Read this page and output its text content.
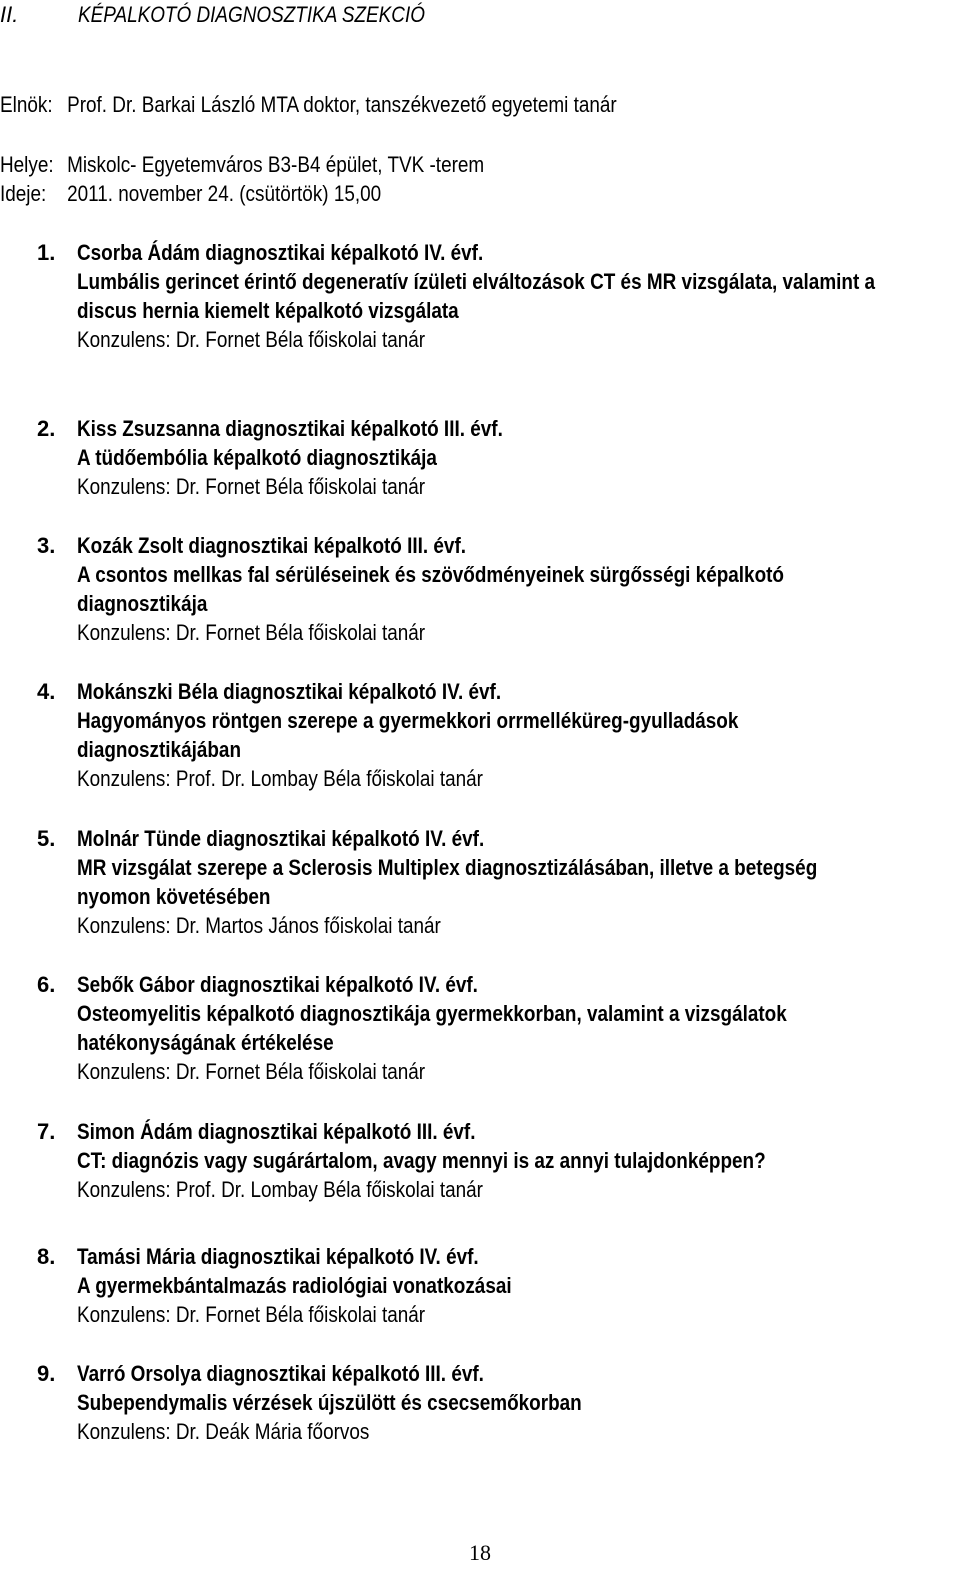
II.	KÉPALKOTÓ DIAGNOSZTIKA SZEKCIÓ
Elnök: Prof. Dr. Barkai László MTA doktor, tanszékvezető egyetemi tanár
Helye: Miskolc- Egyetemváros B3-B4 épület, TVK -terem
Ideje: 2011. november 24. (csütörtök) 15,00
1. Csorba Ádám diagnosztikai képalkotó IV. évf.
Lumbális gerincet érintő degeneratív ízületi elváltozások CT és MR vizsgálata, valamint a
discus hernia kiemelt képalkotó vizsgálata
Konzulens: Dr. Fornet Béla főiskolai tanár
2. Kiss Zsuzsanna diagnosztikai képalkotó III. évf.
A tüdőembólia képalkotó diagnosztikája
Konzulens: Dr. Fornet Béla főiskolai tanár
3. Kozák Zsolt diagnosztikai képalkotó III. évf.
A csontos mellkas fal sérüléseinek és szövődményeinek sürgősségi képalkotó
diagnosztikája
Konzulens: Dr. Fornet Béla főiskolai tanár
4. Mokánszki Béla diagnosztikai képalkotó IV. évf.
Hagyományos röntgen szerepe a gyermekkori orrmelléküreg-gyulladások
diagnosztikájában
Konzulens: Prof. Dr. Lombay Béla főiskolai tanár
5. Molnár Tünde diagnosztikai képalkotó IV. évf.
MR vizsgálat szerepe a Sclerosis Multiplex diagnosztizálásában, illetve a betegség
nyomon követésében
Konzulens: Dr. Martos János főiskolai tanár
6. Sebők Gábor diagnosztikai képalkotó IV. évf.
Osteomyelitis képalkotó diagnosztikája gyermekkorban, valamint a vizsgálatok
hatékonyságának értékelése
Konzulens: Dr. Fornet Béla főiskolai tanár
7. Simon Ádám diagnosztikai képalkotó III. évf.
CT: diagnózis vagy sugárártalom, avagy mennyi is az annyi tulajdonképpen?
Konzulens: Prof. Dr. Lombay Béla főiskolai tanár
8. Tamási Mária diagnosztikai képalkotó IV. évf.
A gyermekbántalmazás radiológiai vonatkozásai
Konzulens: Dr. Fornet Béla főiskolai tanár
9. Varró Orsolya diagnosztikai képalkotó III. évf.
Subependymalis vérzések újszülött és csecsemőkorban
Konzulens: Dr. Deák Mária főorvos
18
